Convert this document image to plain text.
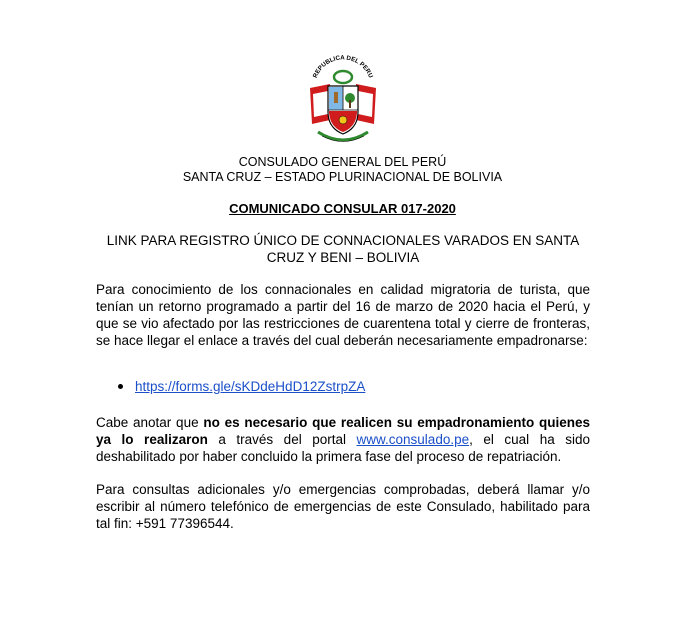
REPUBLICA DEL PERU
CONSULADO GENERAL DEL PERÚ
SANTA CRUZ – ESTADO PLURINACIONAL DE BOLIVIA
COMUNICADO CONSULAR 017-2020
LINK PARA REGISTRO ÚNICO DE CONNACIONALES VARADOS EN SANTA CRUZ Y BENI – BOLIVIA
Para conocimiento de los connacionales en calidad migratoria de turista, que tenían un retorno programado a partir del 16 de marzo de 2020 hacia el Perú, y que se vio afectado por las restricciones de cuarentena total y cierre de fronteras, se hace llegar el enlace a través del cual deberán necesariamente empadronarse:
https://forms.gle/sKDdeHdD12ZstrpZA
Cabe anotar que no es necesario que realicen su empadronamiento quienes ya lo realizaron a través del portal www.consulado.pe, el cual ha sido deshabilitado por haber concluido la primera fase del proceso de repatriación.
Para consultas adicionales y/o emergencias comprobadas, deberá llamar y/o escribir al número telefónico de emergencias de este Consulado, habilitado para tal fin: +591 77396544.
